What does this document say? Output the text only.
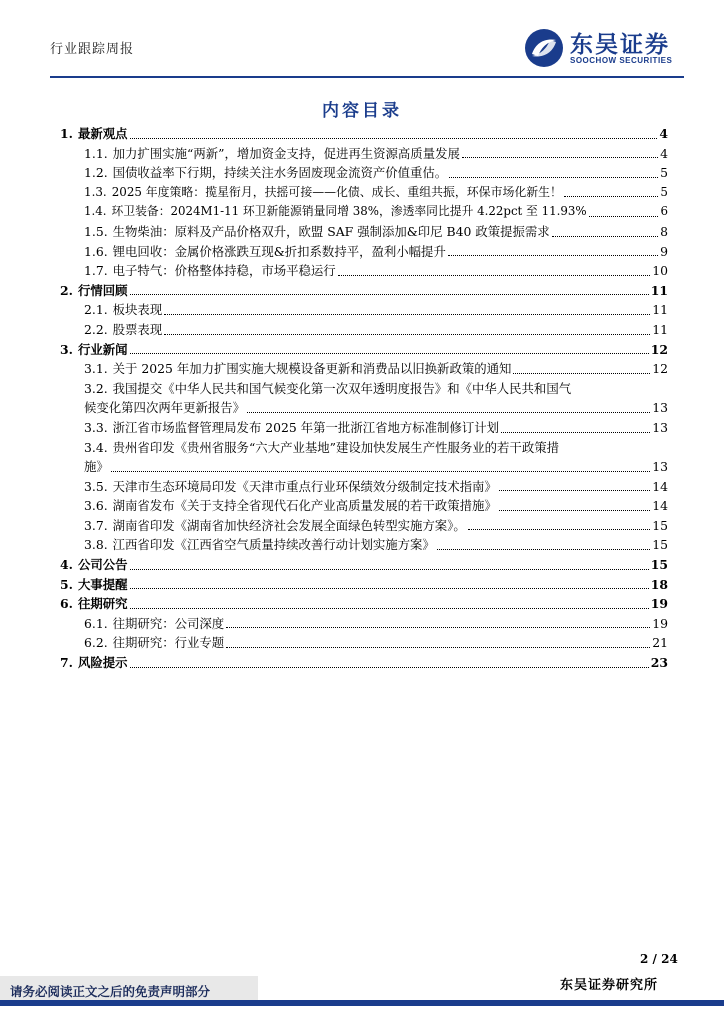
行业跟踪周报	东吴证券
SOOCHOW SECURITIES
内容目录
1. 最新观点	4
1.1. 加力扩围实施“两新”，增加资金支持，促进再生资源高质量发展	4
1.2. 国债收益率下行期，持续关注水务固废现金流资产价值重估。	5
1.3. 2025 年度策略：揽星衔月，扶摇可接——化债、成长、重组共振，环保市场化新生！	5
1.4. 环卫装备：2024M1-11 环卫新能源销量同增 38%，渗透率同比提升 4.22pct 至 11.93%	6
1.5. 生物柴油：原料及产品价格双升，欧盟 SAF 强制添加&印尼 B40 政策提振需求	8
1.6. 锂电回收：金属价格涨跌互现&折扣系数持平，盈利小幅提升	9
1.7. 电子特气：价格整体持稳，市场平稳运行	10
2. 行情回顾	11
2.1. 板块表现	11
2.2. 股票表现	11
3. 行业新闻	12
3.1. 关于 2025 年加力扩围实施大规模设备更新和消费品以旧换新政策的通知	12
3.2. 我国提交《中华人民共和国气候变化第一次双年透明度报告》和《中华人民共和国气
候变化第四次两年更新报告》	13
3.3. 浙江省市场监督管理局发布 2025 年第一批浙江省地方标准制修订计划	13
3.4. 贵州省印发《贵州省服务“六大产业基地”建设加快发展生产性服务业的若干政策措
施》	13
3.5. 天津市生态环境局印发《天津市重点行业环保绩效分级制定技术指南》	14
3.6. 湖南省发布《关于支持全省现代石化产业高质量发展的若干政策措施》	14
3.7. 湖南省印发《湖南省加快经济社会发展全面绿色转型实施方案》。	15
3.8. 江西省印发《江西省空气质量持续改善行动计划实施方案》	15
4. 公司公告	15
5. 大事提醒	18
6. 往期研究	19
6.1. 往期研究：公司深度	19
6.2. 往期研究：行业专题	21
7. 风险提示	23
2 / 24
东吴证券研究所
请务必阅读正文之后的免责声明部分
